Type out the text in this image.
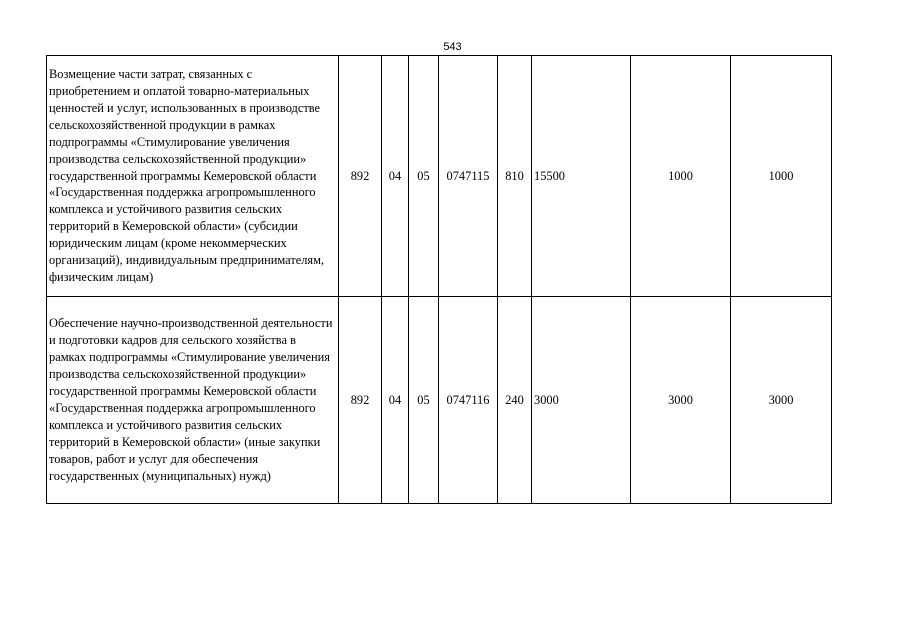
543
Возмещение части затрат, связанных с приобретением и оплатой товарно-материальных ценностей и услуг, использованных в производстве сельскохозяйственной продукции в рамках подпрограммы «Стимулирование увеличения производства сельскохозяйственной продукции» государственной программы Кемеровской области «Государственная поддержка агропромышленного комплекса и устойчивого развития сельских территорий в Кемеровской области» (субсидии юридическим лицам (кроме некоммерческих организаций), индивидуальным предпринимателям, физическим лицам)	892	04	05	0747115	810	15500	1000	1000
Обеспечение научно-производственной деятельности и подготовки кадров для сельского хозяйства в рамках подпрограммы «Стимулирование увеличения производства сельскохозяйственной продукции» государственной программы Кемеровской области «Государственная поддержка агропромышленного комплекса и устойчивого развития сельских территорий в Кемеровской области» (иные закупки товаров, работ и услуг для обеспечения государственных (муниципальных) нужд)	892	04	05	0747116	240	3000	3000	3000
